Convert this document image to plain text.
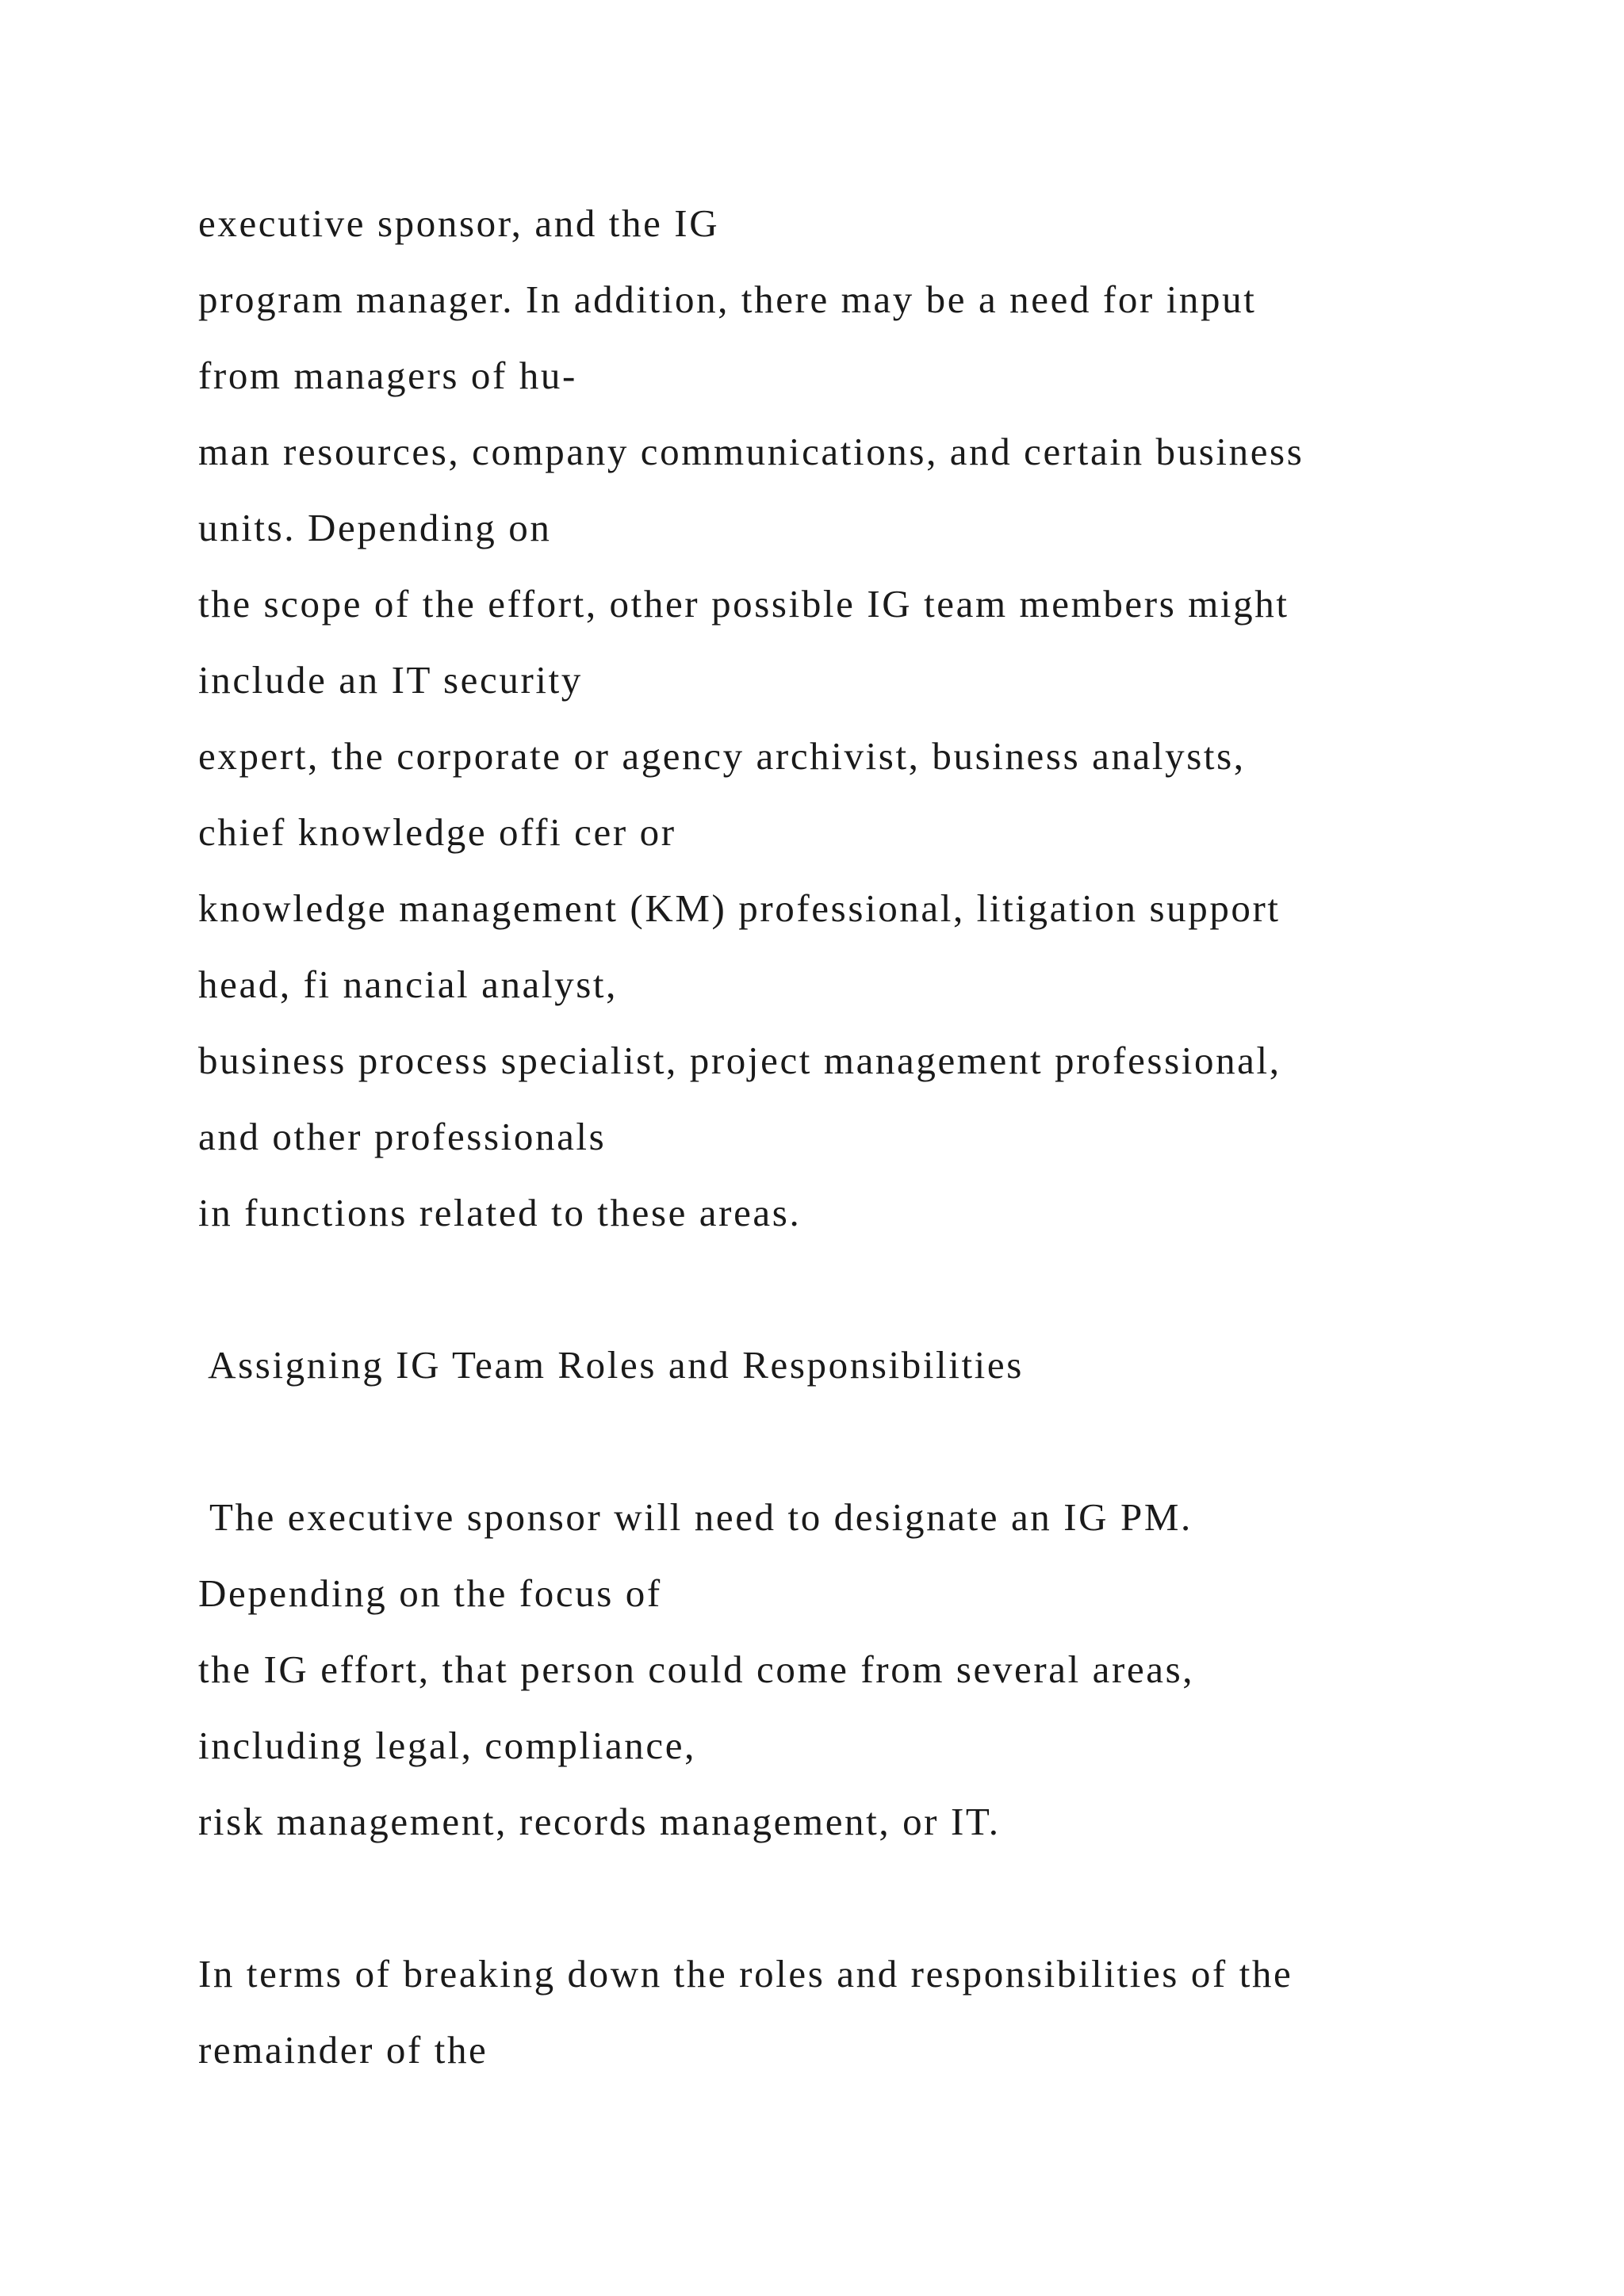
executive sponsor, and the IG

program manager. In addition, there may be a need for input

from managers of hu-

man resources, company communications, and certain business

units. Depending on

the scope of the effort, other possible IG team members might

include an IT security

expert, the corporate or agency archivist, business analysts,

chief knowledge offi cer or

knowledge management (KM) professional, litigation support

head, fi nancial analyst,

business process specialist, project management professional,

and other professionals

in functions related to these areas.

Assigning IG Team Roles and Responsibilities

The executive sponsor will need to designate an IG PM.

Depending on the focus of

the IG effort, that person could come from several areas,

including legal, compliance,

risk management, records management, or IT.

In terms of breaking down the roles and responsibilities of the

remainder of the
